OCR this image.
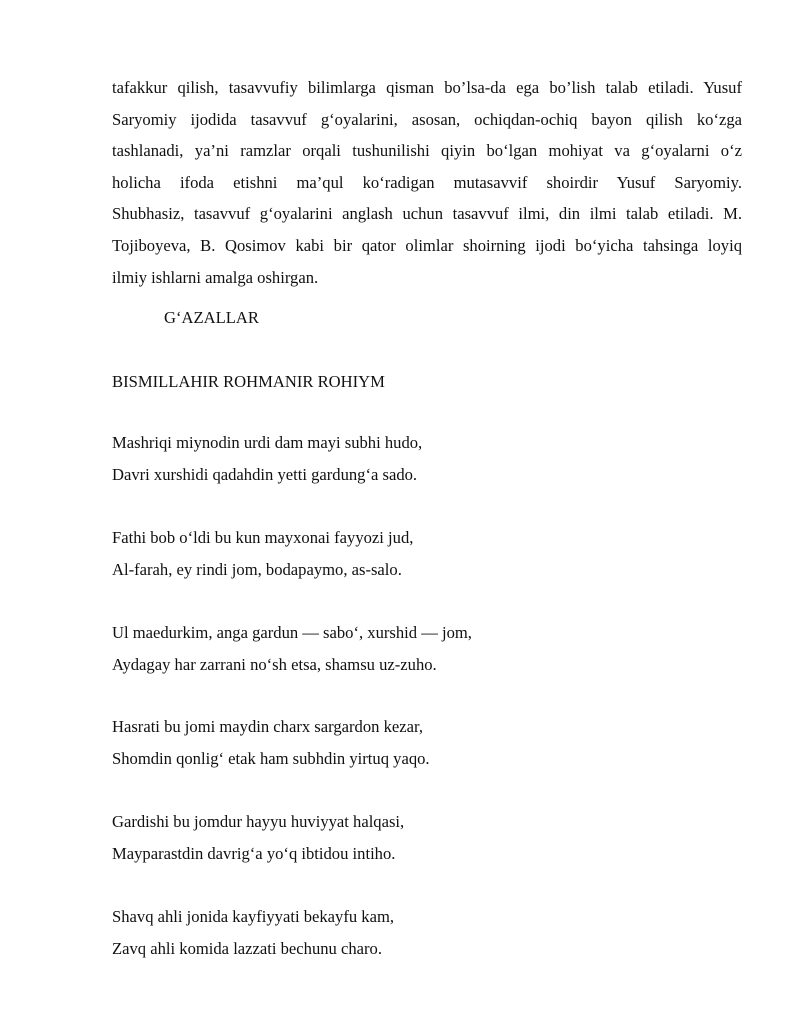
tafakkur qilish, tasavvufiy bilimlarga qisman bo’lsa-da ega bo’lish talab etiladi. Yusuf
Saryomiy ijodida tasavvuf g‘oyalarini, asosan, ochiqdan-ochiq bayon qilish ko‘zga
tashlanadi, ya’ni ramzlar orqali tushunilishi qiyin bo‘lgan mohiyat va g‘oyalarni o‘z
holicha ifoda etishni ma’qul ko‘radigan mutasavvif shoirdir Yusuf Saryomiy.
Shubhasiz, tasavvuf g‘oyalarini anglash uchun tasavvuf ilmi, din ilmi talab etiladi. M.
Tojiboyeva, B. Qosimov kabi bir qator olimlar shoirning ijodi bo‘yicha tahsinga loyiq
ilmiy ishlarni amalga oshirgan.

G‘AZALLAR

BISMILLAHIR ROHMANIR ROHIYM

Mashriqi miynodin urdi dam mayi subhi hudo,
Davri xurshidi qadahdin yetti gardung‘a sado.
Fathi bob o‘ldi bu kun mayxonai fayyozi jud,
Al-farah, ey rindi jom, bodapaymo, as-salo.
Ul maedurkim, anga gardun — sabo‘, xurshid — jom,
Aydagay har zarrani no‘sh etsa, shamsu uz-zuho.
Hasrati bu jomi maydin charx sargardon kezar,
Shomdin qonlig‘ etak ham subhdin yirtuq yaqo.
Gardishi bu jomdur hayyu huviyyat halqasi,
Mayparastdin davrig‘a yo‘q ibtidou intiho.
Shavq ahli jonida kayfiyyati bekayfu kam,
Zavq ahli komida lazzati bechunu charo.
